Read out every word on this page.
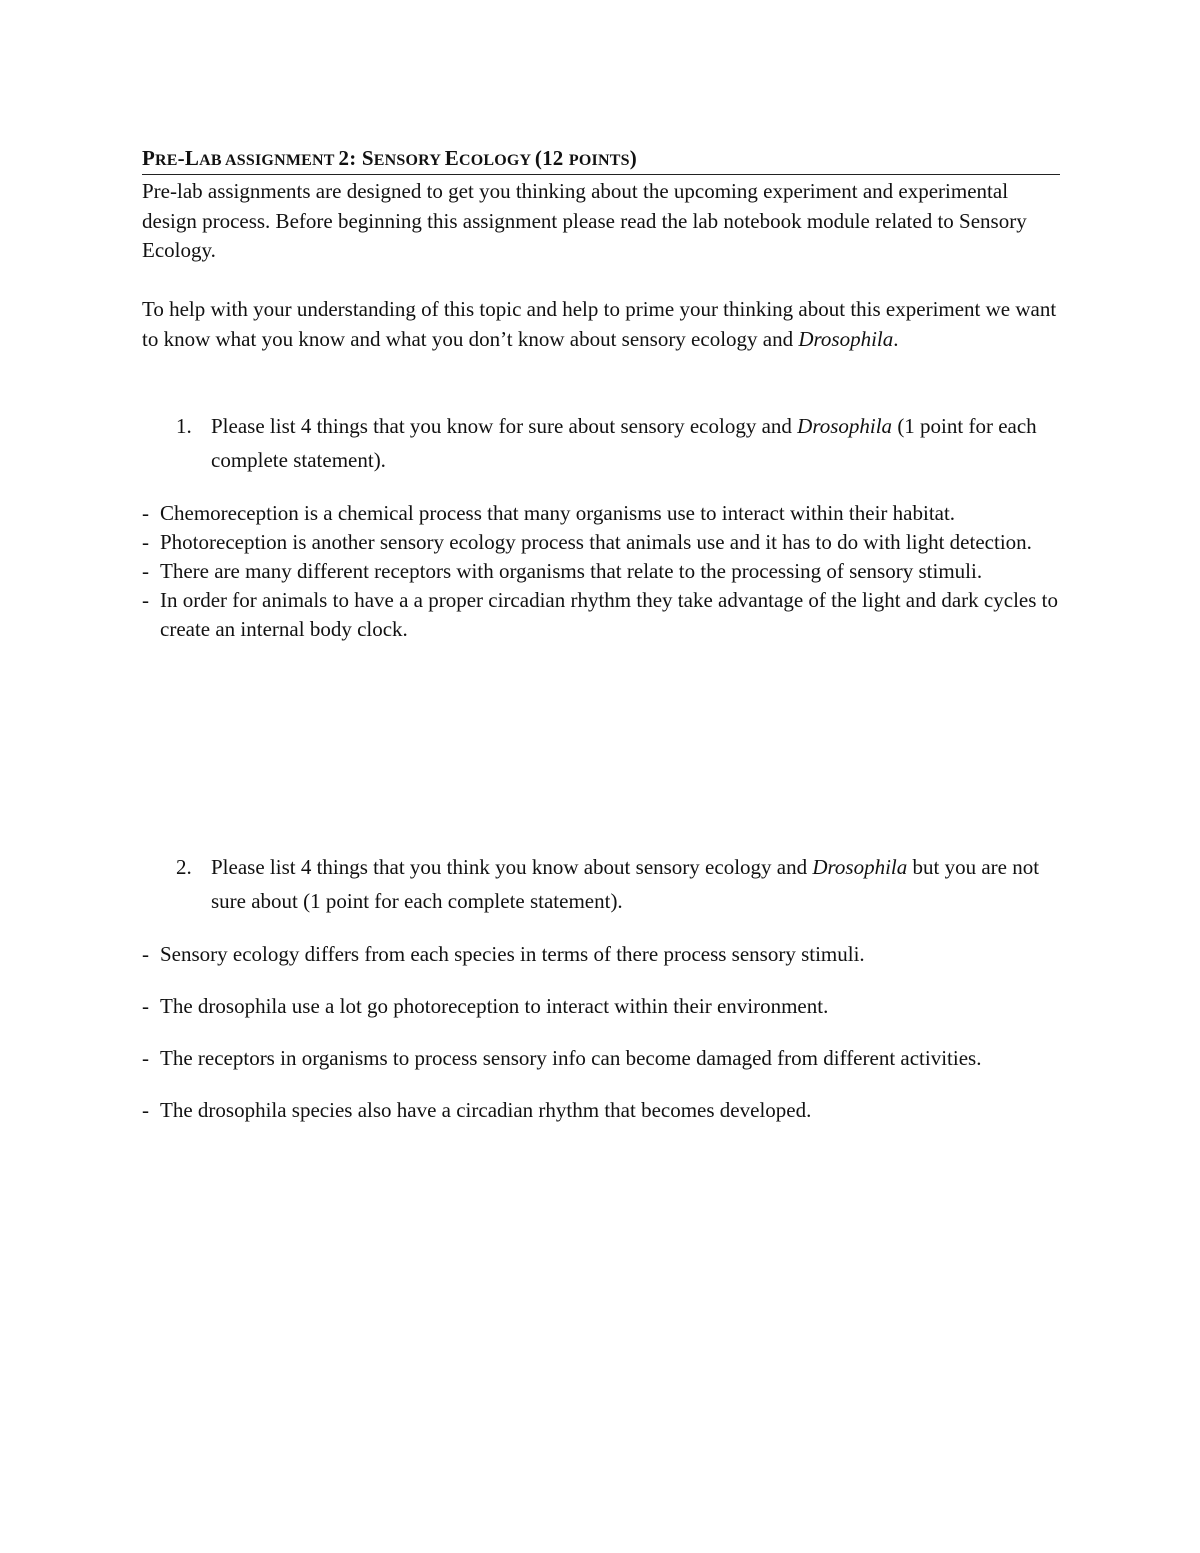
PRE-LAB ASSIGNMENT 2: SENSORY ECOLOGY (12 POINTS)
Pre-lab assignments are designed to get you thinking about the upcoming experiment and experimental design process. Before beginning this assignment please read the lab notebook module related to Sensory Ecology.
To help with your understanding of this topic and help to prime your thinking about this experiment we want to know what you know and what you don’t know about sensory ecology and Drosophila.
1. Please list 4 things that you know for sure about sensory ecology and Drosophila (1 point for each complete statement).
- Chemoreception is a chemical process that many organisms use to interact within their habitat.
- Photoreception is another sensory ecology process that animals use and it has to do with light detection.
- There are many different receptors with organisms that relate to the processing of sensory stimuli.
- In order for animals to have a a proper circadian rhythm they take advantage of the light and dark cycles to create an internal body clock.
2. Please list 4 things that you think you know about sensory ecology and Drosophila but you are not sure about (1 point for each complete statement).
- Sensory ecology differs from each species in terms of there process sensory stimuli.
- The drosophila use a lot go photoreception to interact within their environment.
- The receptors in organisms to process sensory info can become damaged from different activities.
- The drosophila species also have a circadian rhythm that becomes developed.
